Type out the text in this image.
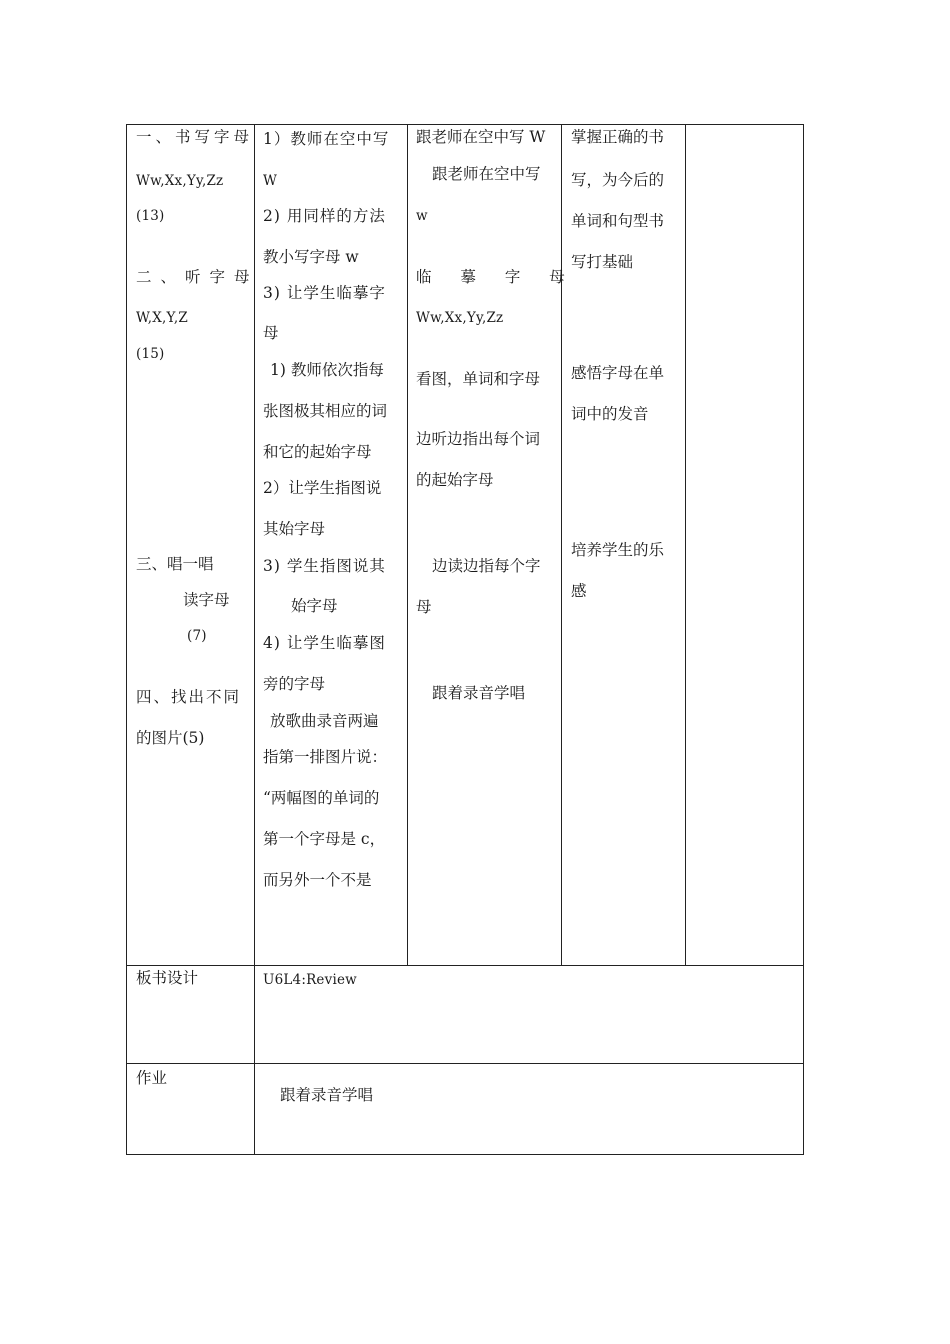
一、书写字母
Ww,Xx,Yy,Zz
(13)
二、听字母
W,X,Y,Z
(15)
三、唱一唱
读字母
(7)
四、找出不同
的图片(5)
1）教师在空中写
W
2) 用同样的方法
教小写字母 w
3) 让学生临摹字
母
1) 教师依次指每
张图极其相应的词
和它的起始字母
2）让学生指图说
其始字母
3) 学生指图说其
始字母
4) 让学生临摹图
旁的字母
放歌曲录音两遍
指第一排图片说：
“两幅图的单词的
第一个字母是 c，
而另外一个不是
跟老师在空中写 W
跟老师在空中写
w
临 摹 字 母
Ww,Xx,Yy,Zz
看图，单词和字母
边听边指出每个词
的起始字母
边读边指每个字
母
跟着录音学唱
掌握正确的书
写，为今后的
单词和句型书
写打基础
感悟字母在单
词中的发音
培养学生的乐
感
板书设计	U6L4:Review
作业
跟着录音学唱
